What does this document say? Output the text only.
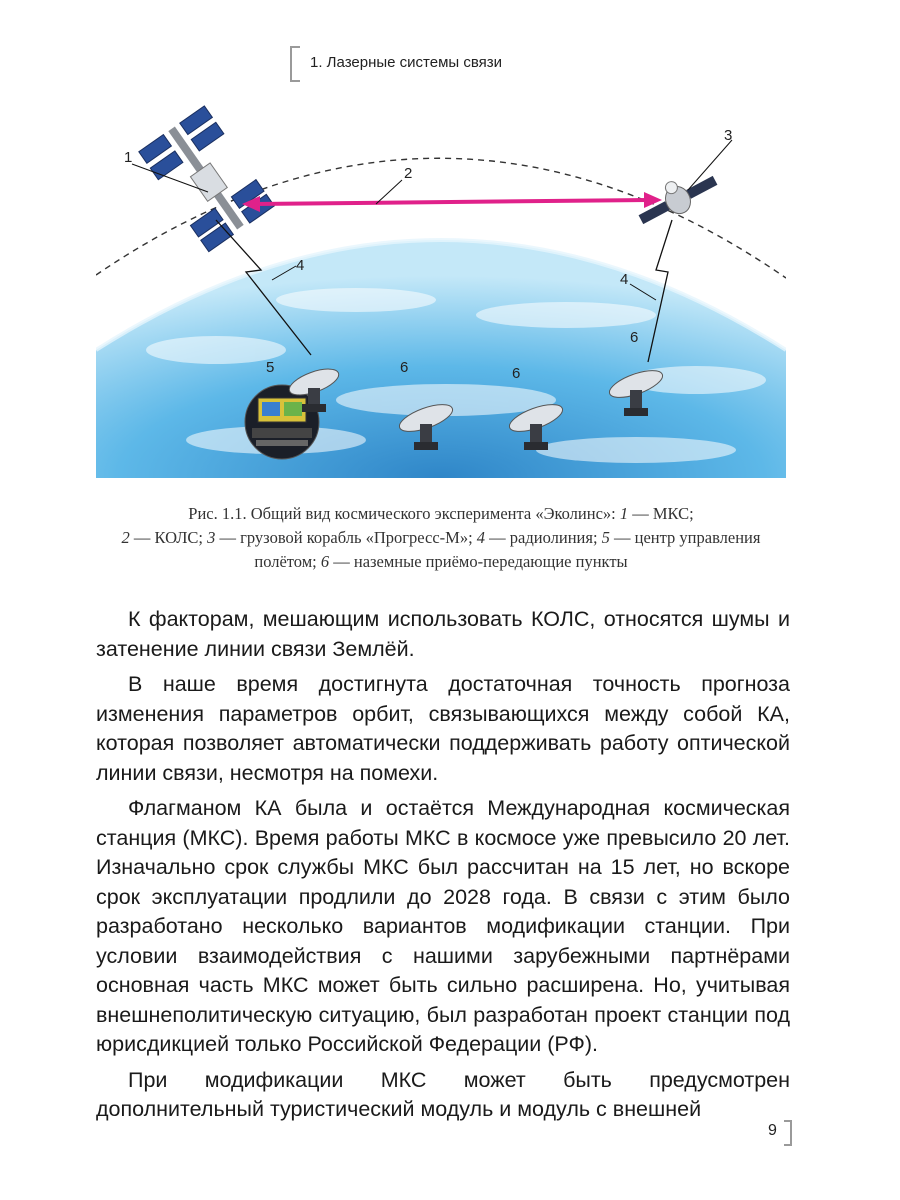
1. Лазерные системы связи
1
2
3
4
4
5	6	6
6
Рис. 1.1. Общий вид космического эксперимента «Эколинс»: 1 — МКС;
2 — КОЛС; 3 — грузовой корабль «Прогресс-М»; 4 — радиолиния; 5 — центр управления полётом; 6 — наземные приёмо-передающие пункты

К факторам, мешающим использовать КОЛС, относятся шумы и затенение линии связи Землёй.

В наше время достигнута достаточная точность прогноза изменения параметров орбит, связывающихся между собой КА, которая позволяет автоматически поддерживать работу оптической линии связи, несмотря на помехи.

Флагманом КА была и остаётся Международная космическая станция (МКС). Время работы МКС в космосе уже превысило 20 лет. Изначально срок службы МКС был рассчитан на 15 лет, но вскоре срок эксплуатации продлили до 2028 года. В связи с этим было разработано несколько вариантов модификации станции. При условии взаимодействия с нашими зарубежными партнёрами основная часть МКС может быть сильно расширена. Но, учитывая внешнеполитическую ситуацию, был разработан проект станции под юрисдикцией только Российской Федерации (РФ).

При модификации МКС может быть предусмотрен дополнительный туристический модуль и модуль с внешней

9
